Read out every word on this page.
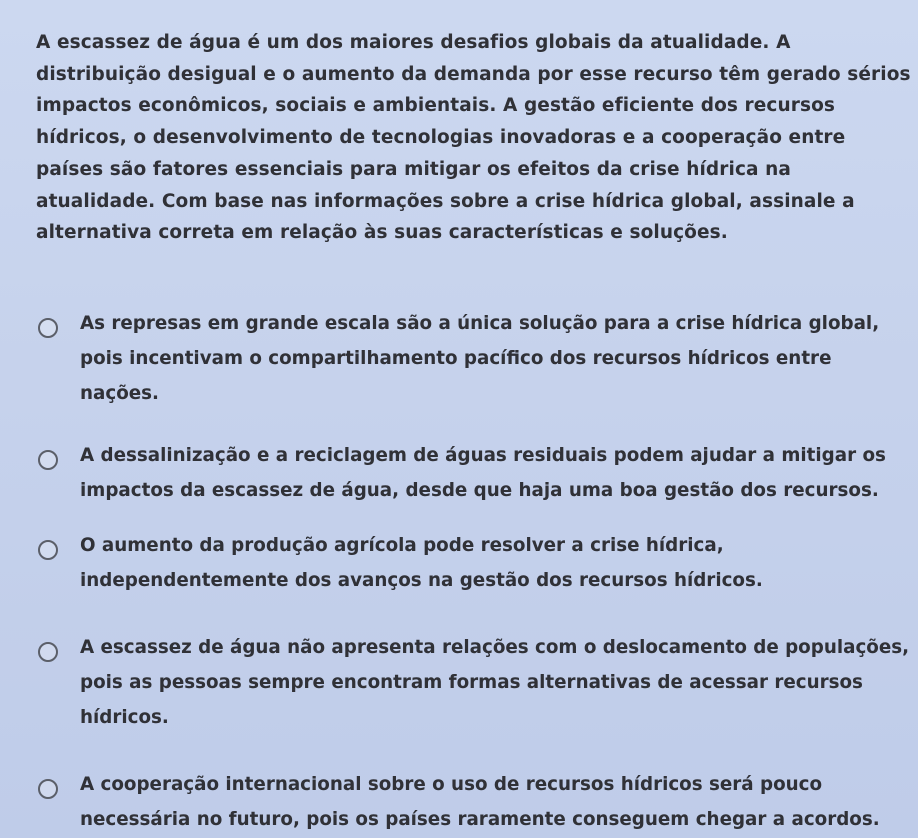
A escassez de água é um dos maiores desafios globais da atualidade. A distribuição desigual e o aumento da demanda por esse recurso têm gerado sérios impactos econômicos, sociais e ambientais. A gestão eficiente dos recursos hídricos, o desenvolvimento de tecnologias inovadoras e a cooperação entre países são fatores essenciais para mitigar os efeitos da crise hídrica na atualidade. Com base nas informações sobre a crise hídrica global, assinale a alternativa correta em relação às suas características e soluções.

As represas em grande escala são a única solução para a crise hídrica global, pois incentivam o compartilhamento pacífico dos recursos hídricos entre nações.
A dessalinização e a reciclagem de águas residuais podem ajudar a mitigar os impactos da escassez de água, desde que haja uma boa gestão dos recursos.
O aumento da produção agrícola pode resolver a crise hídrica, independentemente dos avanços na gestão dos recursos hídricos.
A escassez de água não apresenta relações com o deslocamento de populações, pois as pessoas sempre encontram formas alternativas de acessar recursos hídricos.
A cooperação internacional sobre o uso de recursos hídricos será pouco necessária no futuro, pois os países raramente conseguem chegar a acordos.
